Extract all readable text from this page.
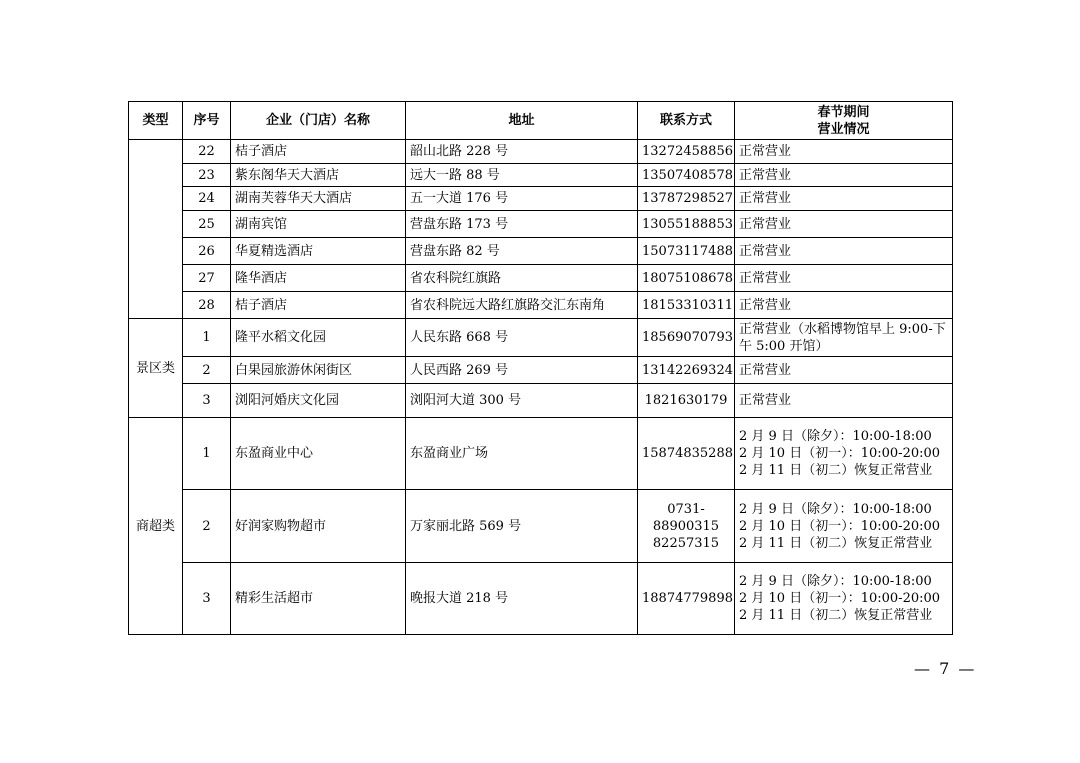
类型	序号	企业（门店）名称	地址	联系方式	春节期间
营业情况

	22	桔子酒店	韶山北路 228 号	13272458856	正常营业
	23	紫东阁华天大酒店	远大一路 88 号	13507408578	正常营业
	24	湖南芙蓉华天大酒店	五一大道 176 号	13787298527	正常营业
	25	湖南宾馆	营盘东路 173 号	13055188853	正常营业
	26	华夏精选酒店	营盘东路 82 号	15073117488	正常营业
	27	隆华酒店	省农科院红旗路	18075108678	正常营业
	28	桔子酒店	省农科院远大路红旗路交汇东南角	18153310311	正常营业
景区类	1	隆平水稻文化园	人民东路 668 号	18569070793	正常营业（水稻博物馆早上 9:00-下午 5:00 开馆）
	2	白果园旅游休闲街区	人民西路 269 号	13142269324	正常营业
	3	浏阳河婚庆文化园	浏阳河大道 300 号	1821630179	正常营业
商超类	1	东盈商业中心	东盈商业广场	15874835288	2 月 9 日（除夕）：10:00-18:00
2 月 10 日（初一）：10:00-20:00
2 月 11 日（初二）恢复正常营业

	2	好润家购物超市	万家丽北路 569 号	0731-88900315
82257315	2 月 9 日（除夕）：10:00-18:00
2 月 10 日（初一）：10:00-20:00
2 月 11 日（初二）恢复正常营业

	3	精彩生活超市	晚报大道 218 号	18874779898	2 月 9 日（除夕）：10:00-18:00
2 月 10 日（初一）：10:00-20:00
2 月 11 日（初二）恢复正常营业
— 7 —
